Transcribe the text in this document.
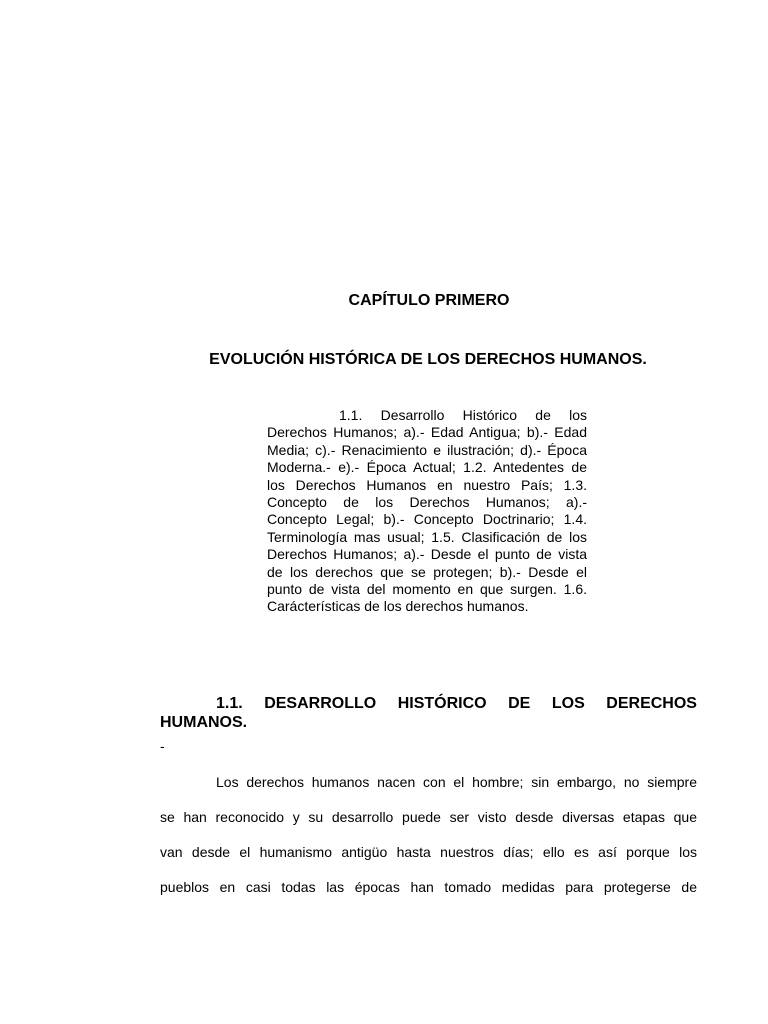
CAPÍTULO PRIMERO
EVOLUCIÓN HISTÓRICA DE LOS DERECHOS HUMANOS.

1.1. Desarrollo Histórico de los Derechos Humanos; a).- Edad Antigua; b).- Edad Media; c).- Renacimiento e ilustración; d).- Época Moderna.- e).- Época Actual; 1.2. Antedentes de los Derechos Humanos en nuestro País; 1.3. Concepto de los Derechos Humanos; a).- Concepto Legal; b).- Concepto Doctrinario; 1.4. Terminología mas usual; 1.5. Clasificación de los Derechos Humanos; a).- Desde el punto de vista de los derechos que se protegen; b).- Desde el punto de vista del momento en que surgen. 1.6. Carácterísticas de los derechos humanos.

1.1. DESARROLLO HISTÓRICO DE LOS DERECHOS
HUMANOS.

-

Los derechos humanos nacen con el hombre; sin embargo, no siempre
se han reconocido y su desarrollo puede ser visto desde diversas etapas que
van desde el humanismo antigüo hasta nuestros días; ello es así porque los
pueblos en casi todas las épocas han tomado medidas para protegerse de
